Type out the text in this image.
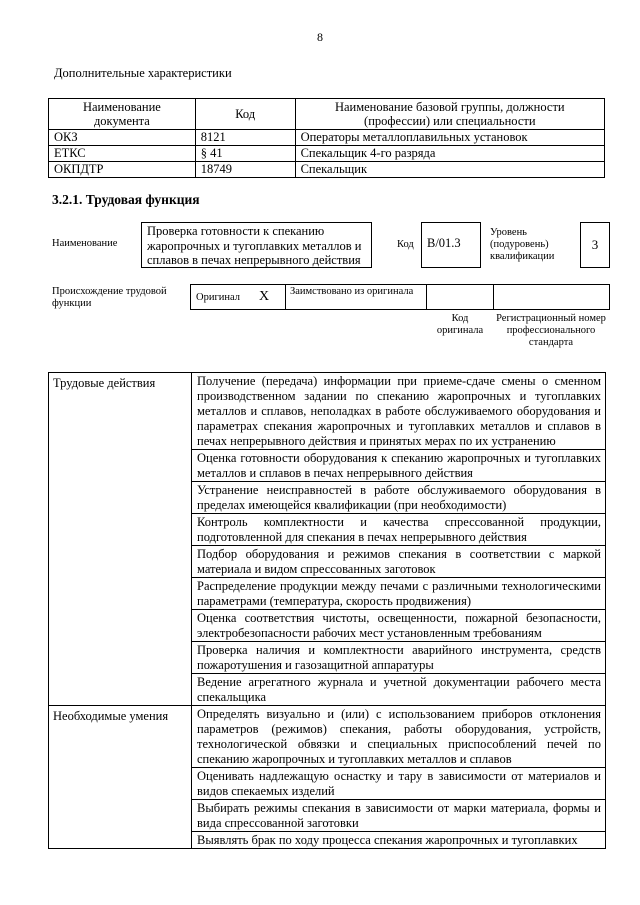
8
Дополнительные характеристики
Наименование документа	Код	Наименование базовой группы, должности (профессии) или специальности
ОКЗ	8121	Операторы металлоплавильных установок
ЕТКС	§ 41	Спекальщик 4-го разряда
ОКПДТР	18749	Спекальщик
3.2.1. Трудовая функция
Наименование
Проверка готовности к спеканию жаропрочных и тугоплавких металлов и сплавов в печах непрерывного действия
Код	B/01.3
Уровень (подуровень) квалификации
3
Происхождение трудовой функции
Оригинал X Заимствовано из оригинала
Код оригинала
Регистрационный номер профессионального стандарта
Трудовые действия	Получение (передача) информации при приеме-сдаче смены о сменном производственном задании по спеканию жаропрочных и тугоплавких металлов и сплавов, неполадках в работе обслуживаемого оборудования и параметрах спекания жаропрочных и тугоплавких металлов и сплавов в печах непрерывного действия и принятых мерах по их устранению
	Оценка готовности оборудования к спеканию жаропрочных и тугоплавких металлов и сплавов в печах непрерывного действия
	Устранение неисправностей в работе обслуживаемого оборудования в пределах имеющейся квалификации (при необходимости)
	Контроль комплектности и качества спрессованной продукции, подготовленной для спекания в печах непрерывного действия
	Подбор оборудования и режимов спекания в соответствии с маркой материала и видом спрессованных заготовок
	Распределение продукции между печами с различными технологическими параметрами (температура, скорость продвижения)
	Оценка соответствия чистоты, освещенности, пожарной безопасности, электробезопасности рабочих мест установленным требованиям
	Проверка наличия и комплектности аварийного инструмента, средств пожаротушения и газозащитной аппаратуры
	Ведение агрегатного журнала и учетной документации рабочего места спекальщика
Необходимые умения	Определять визуально и (или) с использованием приборов отклонения параметров (режимов) спекания, работы оборудования, устройств, технологической обвязки и специальных приспособлений печей по спеканию жаропрочных и тугоплавких металлов и сплавов
	Оценивать надлежащую оснастку и тару в зависимости от материалов и видов спекаемых изделий
	Выбирать режимы спекания в зависимости от марки материала, формы и вида спрессованной заготовки
	Выявлять брак по ходу процесса спекания жаропрочных и тугоплавких
